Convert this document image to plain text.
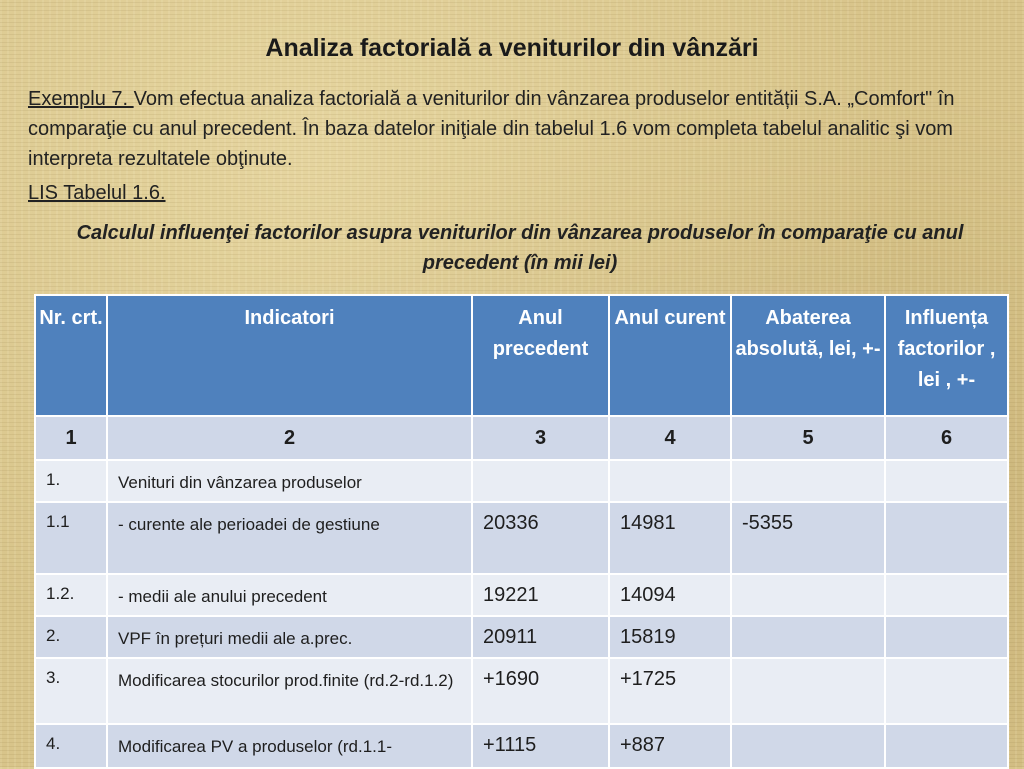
Analiza factorială a veniturilor din vânzări
Exemplu 7. Vom efectua analiza factorială a veniturilor din vânzarea produselor entității S.A. „Comfort" în comparaţie cu anul precedent. În baza datelor iniţiale din tabelul 1.6 vom completa tabelul analitic şi vom interpreta rezultatele obţinute.
LIS Tabelul 1.6.
Calculul influenţei factorilor asupra veniturilor din vânzarea produselor în comparaţie cu anul precedent (în mii lei)
Nr. crt.	Indicatori	Anul precedent	Anul curent	Abaterea absolută, lei, +-	Influența factorilor , lei , +-
1	2	3	4	5	6
1.	Venituri din vânzarea produselor				
1.1	- curente ale perioadei de gestiune	20336	14981	-5355	
1.2.	- medii ale anului precedent	19221	14094		
2.	VPF în prețuri medii ale a.prec.	20911	15819		
3.	Modificarea stocurilor prod.finite (rd.2-rd.1.2)	+1690	+1725		
4.	Modificarea PV a produselor (rd.1.1-	+1115	+887		
